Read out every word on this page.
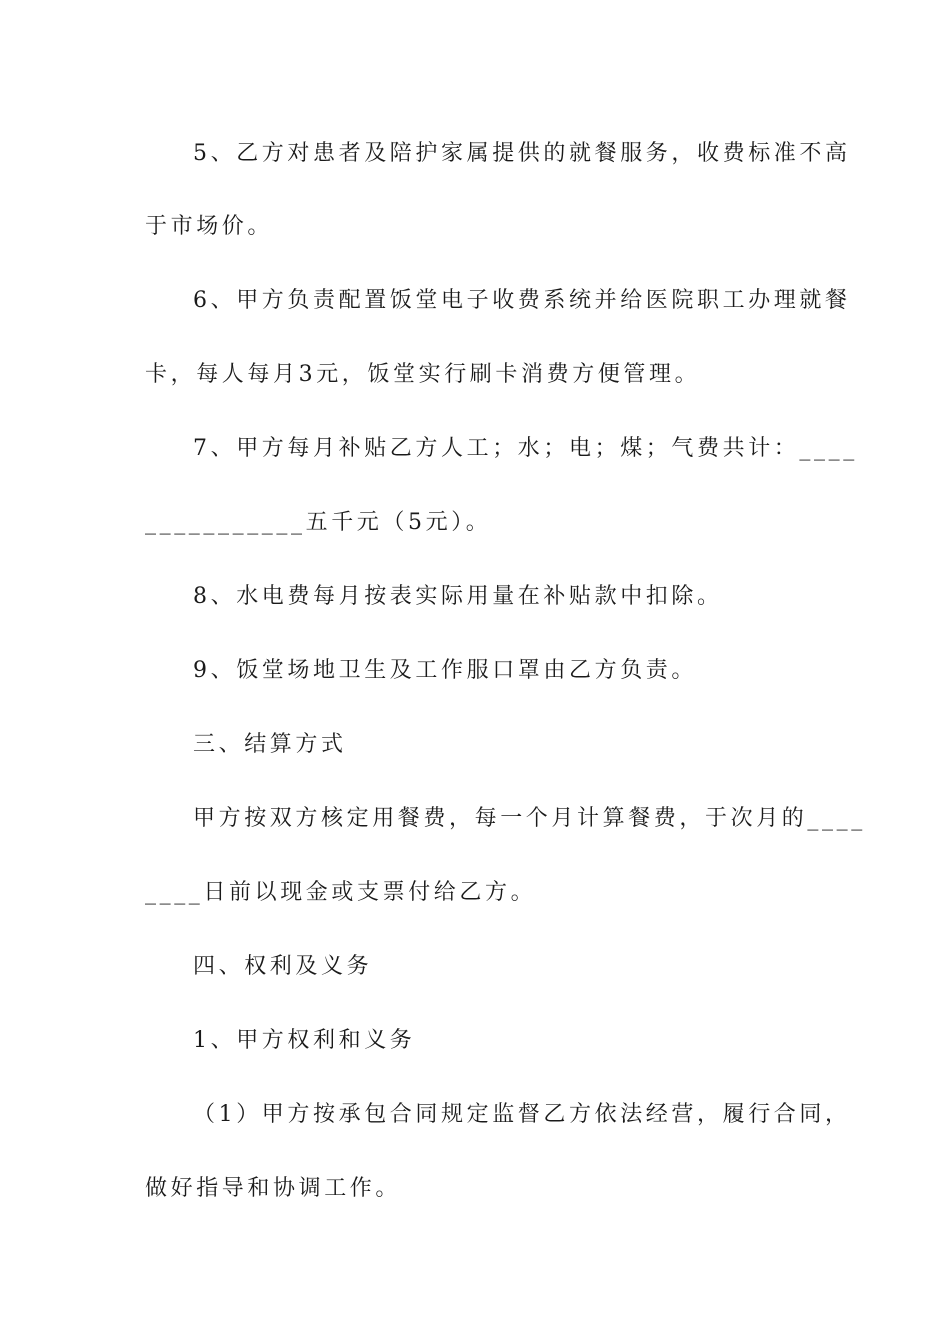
5、乙方对患者及陪护家属提供的就餐服务，收费标准不高
于市场价。
6、甲方负责配置饭堂电子收费系统并给医院职工办理就餐
卡，每人每月3元，饭堂实行刷卡消费方便管理。
7、甲方每月补贴乙方人工；水；电；煤；气费共计：____
___________五千元（5元）。
8、水电费每月按表实际用量在补贴款中扣除。
9、饭堂场地卫生及工作服口罩由乙方负责。
三、结算方式
甲方按双方核定用餐费，每一个月计算餐费，于次月的____
____日前以现金或支票付给乙方。
四、权利及义务
1、甲方权利和义务
（1）甲方按承包合同规定监督乙方依法经营，履行合同，
做好指导和协调工作。
